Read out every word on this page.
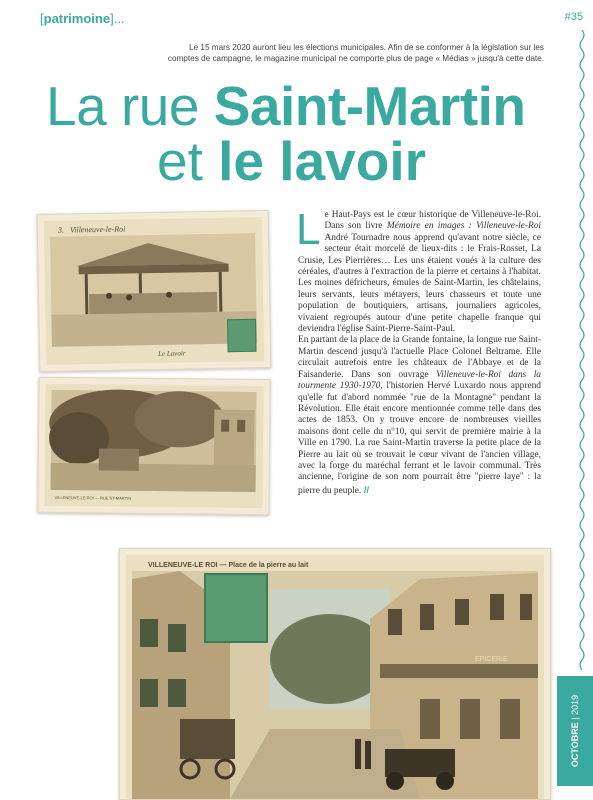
[patrimoine]...	#35
Le 15 mars 2020 auront lieu les élections municipales. Afin de se conformer à la législation sur les
comptes de campagne, le magazine municipal ne comporte plus de page « Médias » jusqu'à cette date.
La rue Saint-Martin
et le lavoir
3. Villeneuve-le-Roi
Le Lavoir
VILLENEUVE-LE-ROI — RUE ST-MARTIN

Le Haut-Pays est le cœur historique de Villeneuve-le-Roi. Dans son livre Mémoire en images : Villeneuve-le-Roi André Tournadre nous apprend qu'avant notre siècle, ce secteur était morcelé de lieux-dits : le Frais-Rosset, La Crusie, Les Pierrières… Les uns étaient voués à la culture des céréales, d'autres à l'extraction de la pierre et certains à l'habitat. Les moines défricheurs, émules de Saint-Martin, les châtelains, leurs servants, leurs métayers, leurs chasseurs et toute une population de boutiquiers, artisans, journaliers agricoles, vivaient regroupés autour d'une petite chapelle franque qui deviendra l'église Saint-Pierre-Saint-Paul.

En partant de la place de la Grande fontaine, la longue rue Saint-Martin descend jusqu'à l'actuelle Place Colonel Beltrame. Elle circulait autrefois entre les châteaux de l'Abbaye et de la Faisanderie. Dans son ouvrage Villeneuve-le-Roi dans la tourmente 1930-1970, l'historien Hervé Luxardo nous apprend qu'elle fut d'abord nommée "rue de la Montagne" pendant la Révolution. Elle était encore mentionnée comme telle dans des actes de 1853. On y trouve encore de nombreuses vieilles maisons dont celle du n°10, qui servit de première mairie à la Ville en 1790. La rue Saint-Martin traverse la petite place de la Pierre au lait où se trouvait le cœur vivant de l'ancien village, avec la forge du maréchal ferrant et le lavoir communal. Très ancienne, l'origine de son nom pourrait être "pierre laye" : la pierre du peuple. //

EPICERIE
VILLENEUVE-LE ROI — Place de la pierre au lait
OCTOBRE | 2019
